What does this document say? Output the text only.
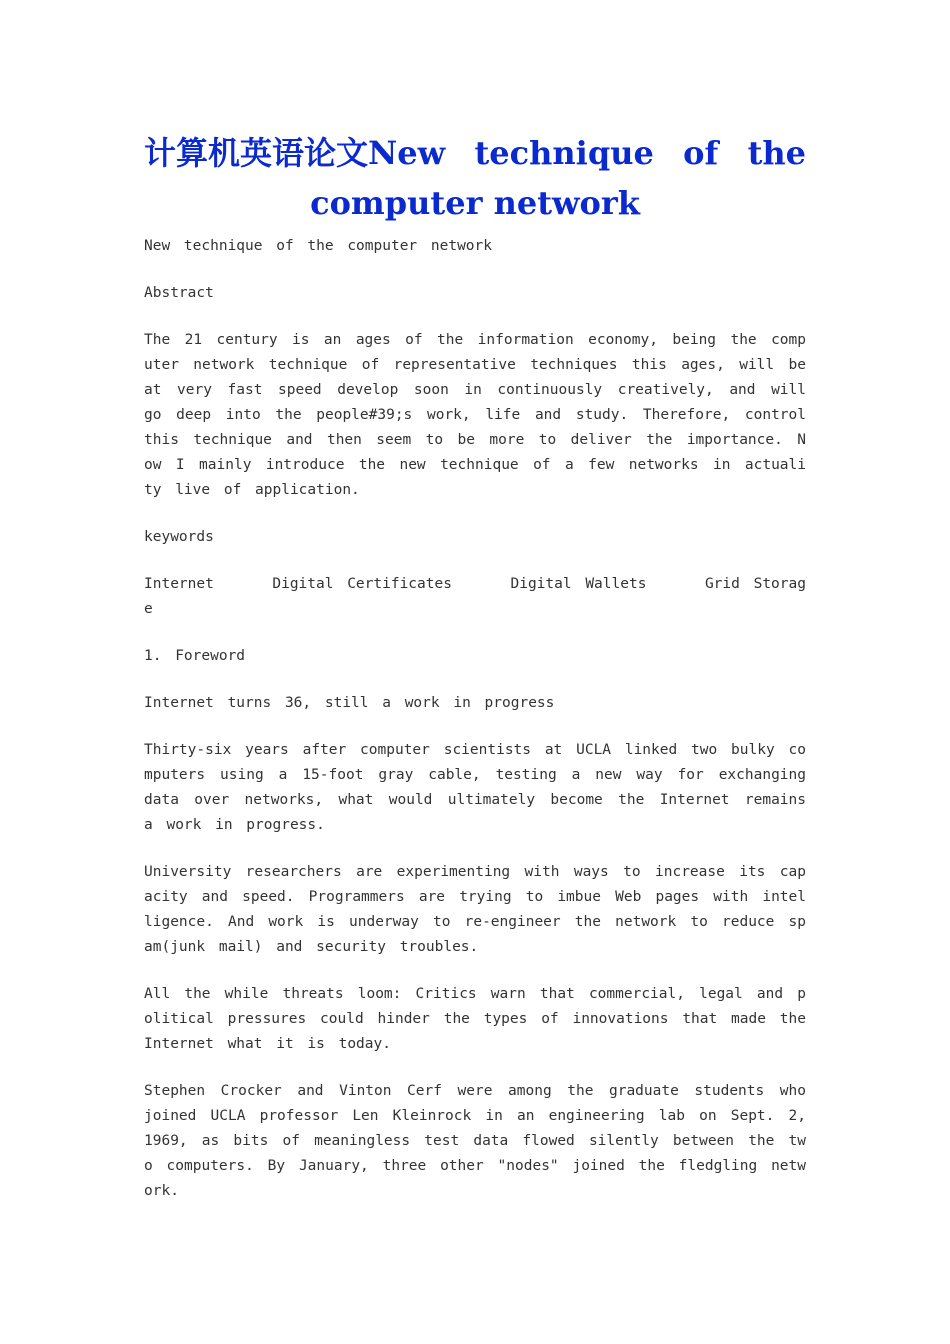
计算机英语论文New technique of the
computer network

New technique of the computer network

Abstract

The 21 century is an ages of the information economy, being the computer network technique of representative techniques this ages, will be at very fast speed develop soon in continuously creatively, and will go deep into the people#39;s work, life and study. Therefore, control this technique and then seem to be more to deliver the importance. Now I mainly introduce the new technique of a few networks in actuality live of application.

keywords

Internet	Digital Certificates	Digital Wallets	Grid Storag
e

1. Foreword

Internet turns 36, still a work in progress

Thirty-six years after computer scientists at UCLA linked two bulky computers using a 15-foot gray cable, testing a new way for exchanging data over networks, what would ultimately become the Internet remains a work in progress.

University researchers are experimenting with ways to increase its capacity and speed. Programmers are trying to imbue Web pages with intelligence. And work is underway to re-engineer the network to reduce spam(junk mail) and security troubles.

All the while threats loom: Critics warn that commercial, legal and political pressures could hinder the types of innovations that made the Internet what it is today.

Stephen Crocker and Vinton Cerf were among the graduate students who joined UCLA professor Len Kleinrock in an engineering lab on Sept. 2, 1969, as bits of meaningless test data flowed silently between the two computers. By January, three other "nodes" joined the fledgling network.
